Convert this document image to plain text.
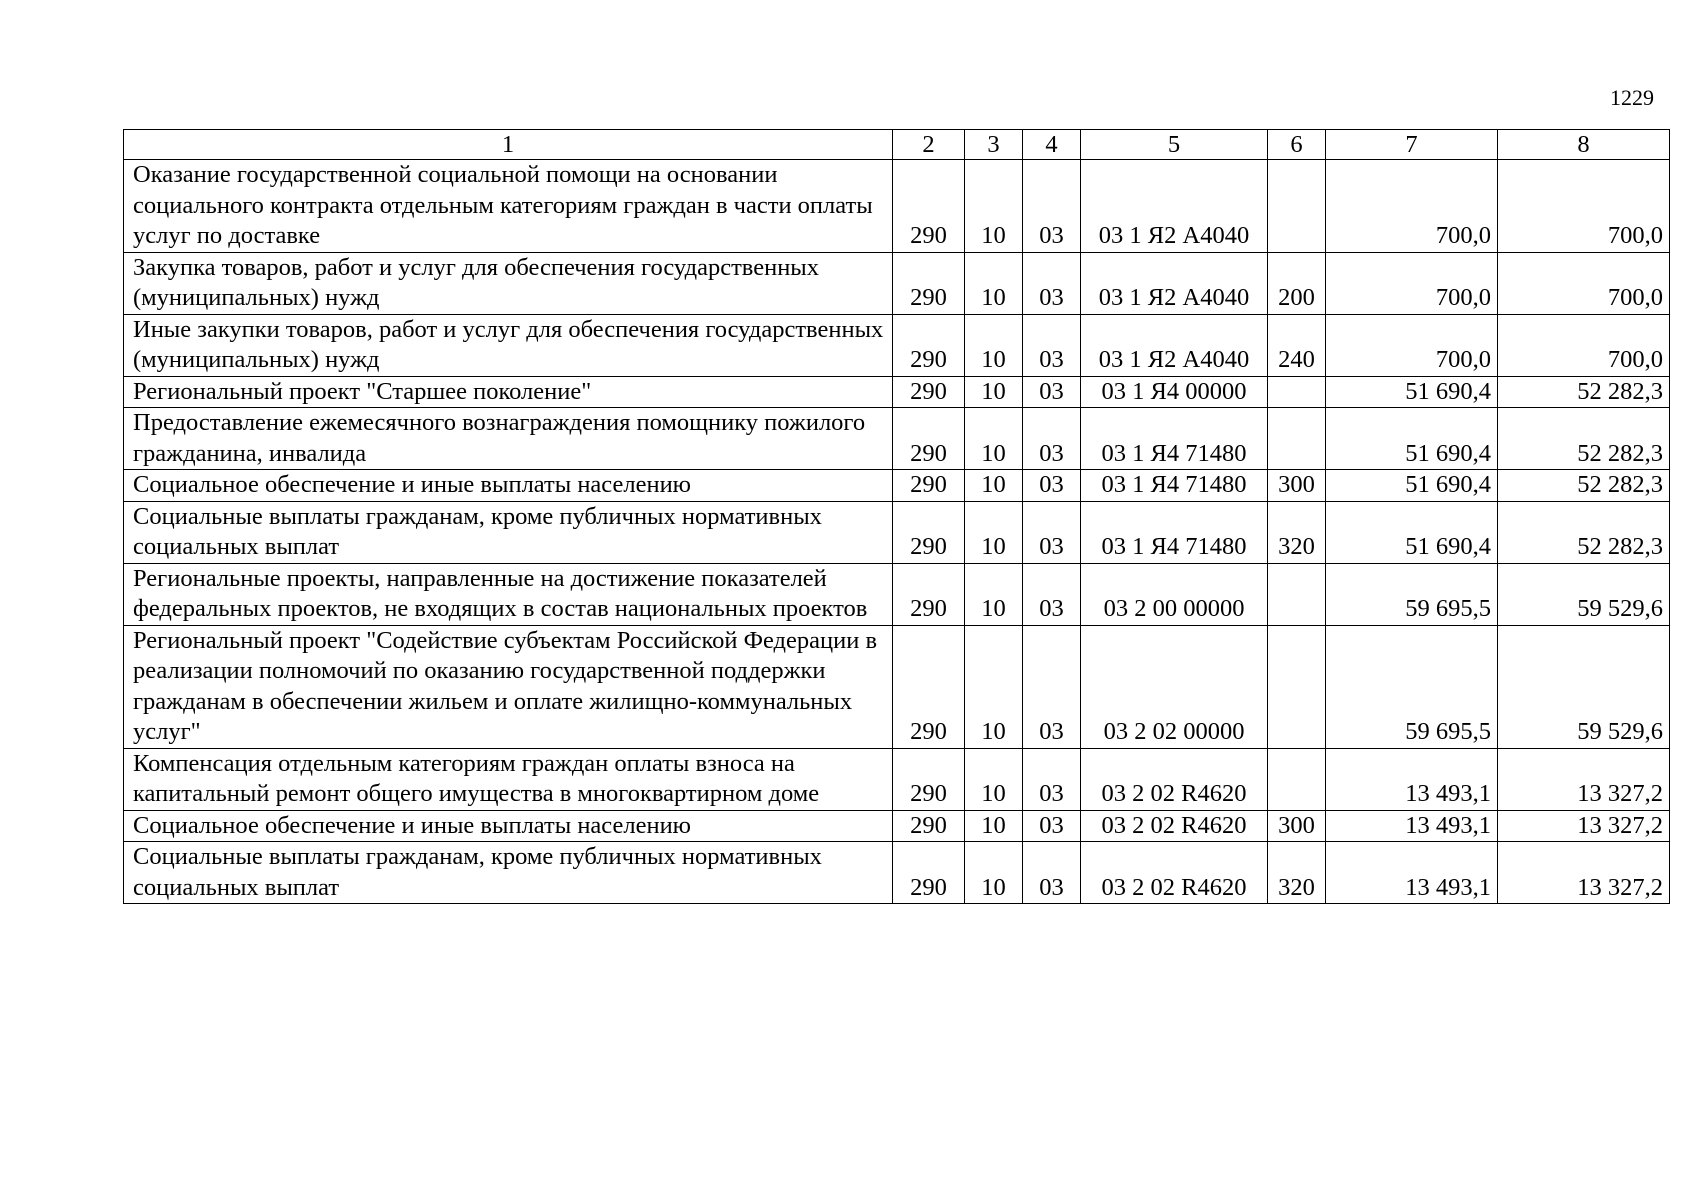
1229
1	2	3	4	5	6	7	8
Оказание государственной социальной помощи на основании социального контракта отдельным категориям граждан в части оплаты услуг по доставке	290	10	03	03 1 Я2 А4040		700,0	700,0
Закупка товаров, работ и услуг для обеспечения государственных (муниципальных) нужд	290	10	03	03 1 Я2 А4040	200	700,0	700,0
Иные закупки товаров, работ и услуг для обеспечения государственных (муниципальных) нужд	290	10	03	03 1 Я2 А4040	240	700,0	700,0
Региональный проект "Старшее поколение"	290	10	03	03 1 Я4 00000		51 690,4	52 282,3
Предоставление ежемесячного вознаграждения помощнику пожилого гражданина, инвалида	290	10	03	03 1 Я4 71480		51 690,4	52 282,3
Социальное обеспечение и иные выплаты населению	290	10	03	03 1 Я4 71480	300	51 690,4	52 282,3
Социальные выплаты гражданам, кроме публичных нормативных социальных выплат	290	10	03	03 1 Я4 71480	320	51 690,4	52 282,3
Региональные проекты, направленные на достижение показателей федеральных проектов, не входящих в состав национальных проектов	290	10	03	03 2 00 00000		59 695,5	59 529,6
Региональный проект "Содействие субъектам Российской Федерации в реализации полномочий по оказанию государственной поддержки гражданам в обеспечении жильем и оплате жилищно-коммунальных услуг"	290	10	03	03 2 02 00000		59 695,5	59 529,6
Компенсация отдельным категориям граждан оплаты взноса на капитальный ремонт общего имущества в многоквартирном доме	290	10	03	03 2 02 R4620		13 493,1	13 327,2
Социальное обеспечение и иные выплаты населению	290	10	03	03 2 02 R4620	300	13 493,1	13 327,2
Социальные выплаты гражданам, кроме публичных нормативных социальных выплат	290	10	03	03 2 02 R4620	320	13 493,1	13 327,2
